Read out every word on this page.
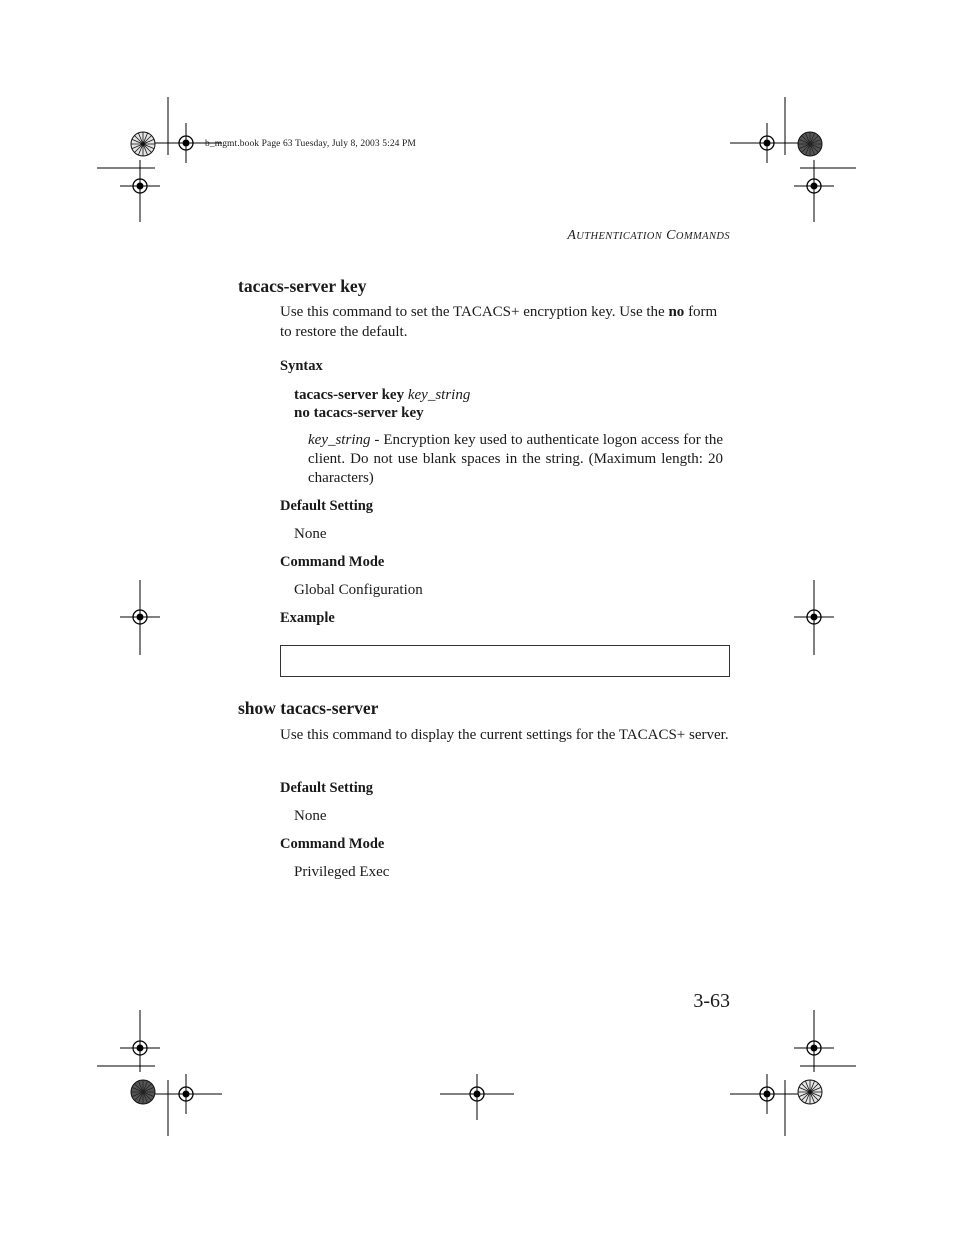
b_mgmt.book Page 63 Tuesday, July 8, 2003 5:24 PM
AUTHENTICATION COMMANDS
tacacs-server key
Use this command to set the TACACS+ encryption key. Use the no form to restore the default.
Syntax
tacacs-server key key_string
no tacacs-server key
key_string - Encryption key used to authenticate logon access for the client. Do not use blank spaces in the string. (Maximum length: 20 characters)
Default Setting
None
Command Mode
Global Configuration
Example
show tacacs-server
Use this command to display the current settings for the TACACS+ server.
Default Setting
None
Command Mode
Privileged Exec
3-63
